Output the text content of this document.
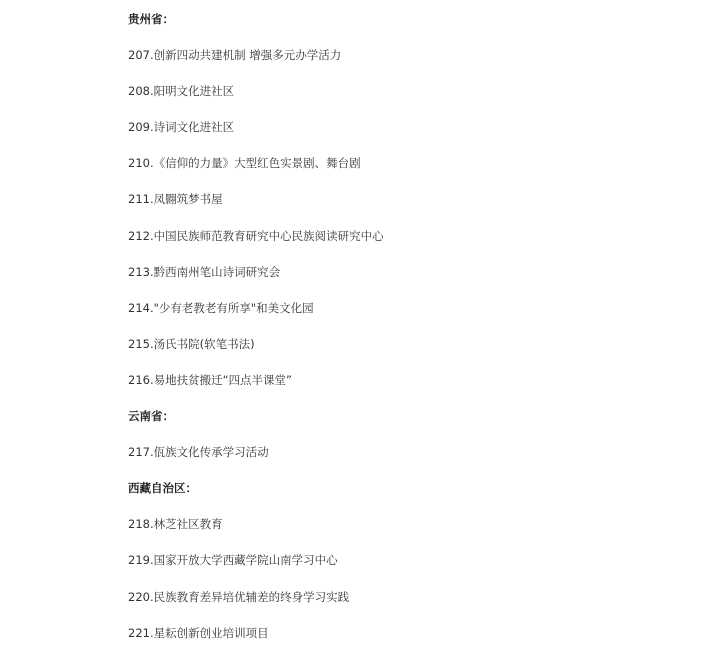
贵州省：
207.创新四动共建机制 增强多元办学活力
208.阳明文化进社区
209.诗词文化进社区
210.《信仰的力量》大型红色实景剧、舞台剧
211.凤翾筑梦书屋
212.中国民族师范教育研究中心民族阅读研究中心
213.黔西南州笔山诗词研究会
214."少有老教老有所享"和美文化园
215.汤氏书院(软笔书法)
216.易地扶贫搬迁“四点半课堂”
云南省：
217.佤族文化传承学习活动
西藏自治区：
218.林芝社区教育
219.国家开放大学西藏学院山南学习中心
220.民族教育差异培优辅差的终身学习实践
221.星耘创新创业培训项目
